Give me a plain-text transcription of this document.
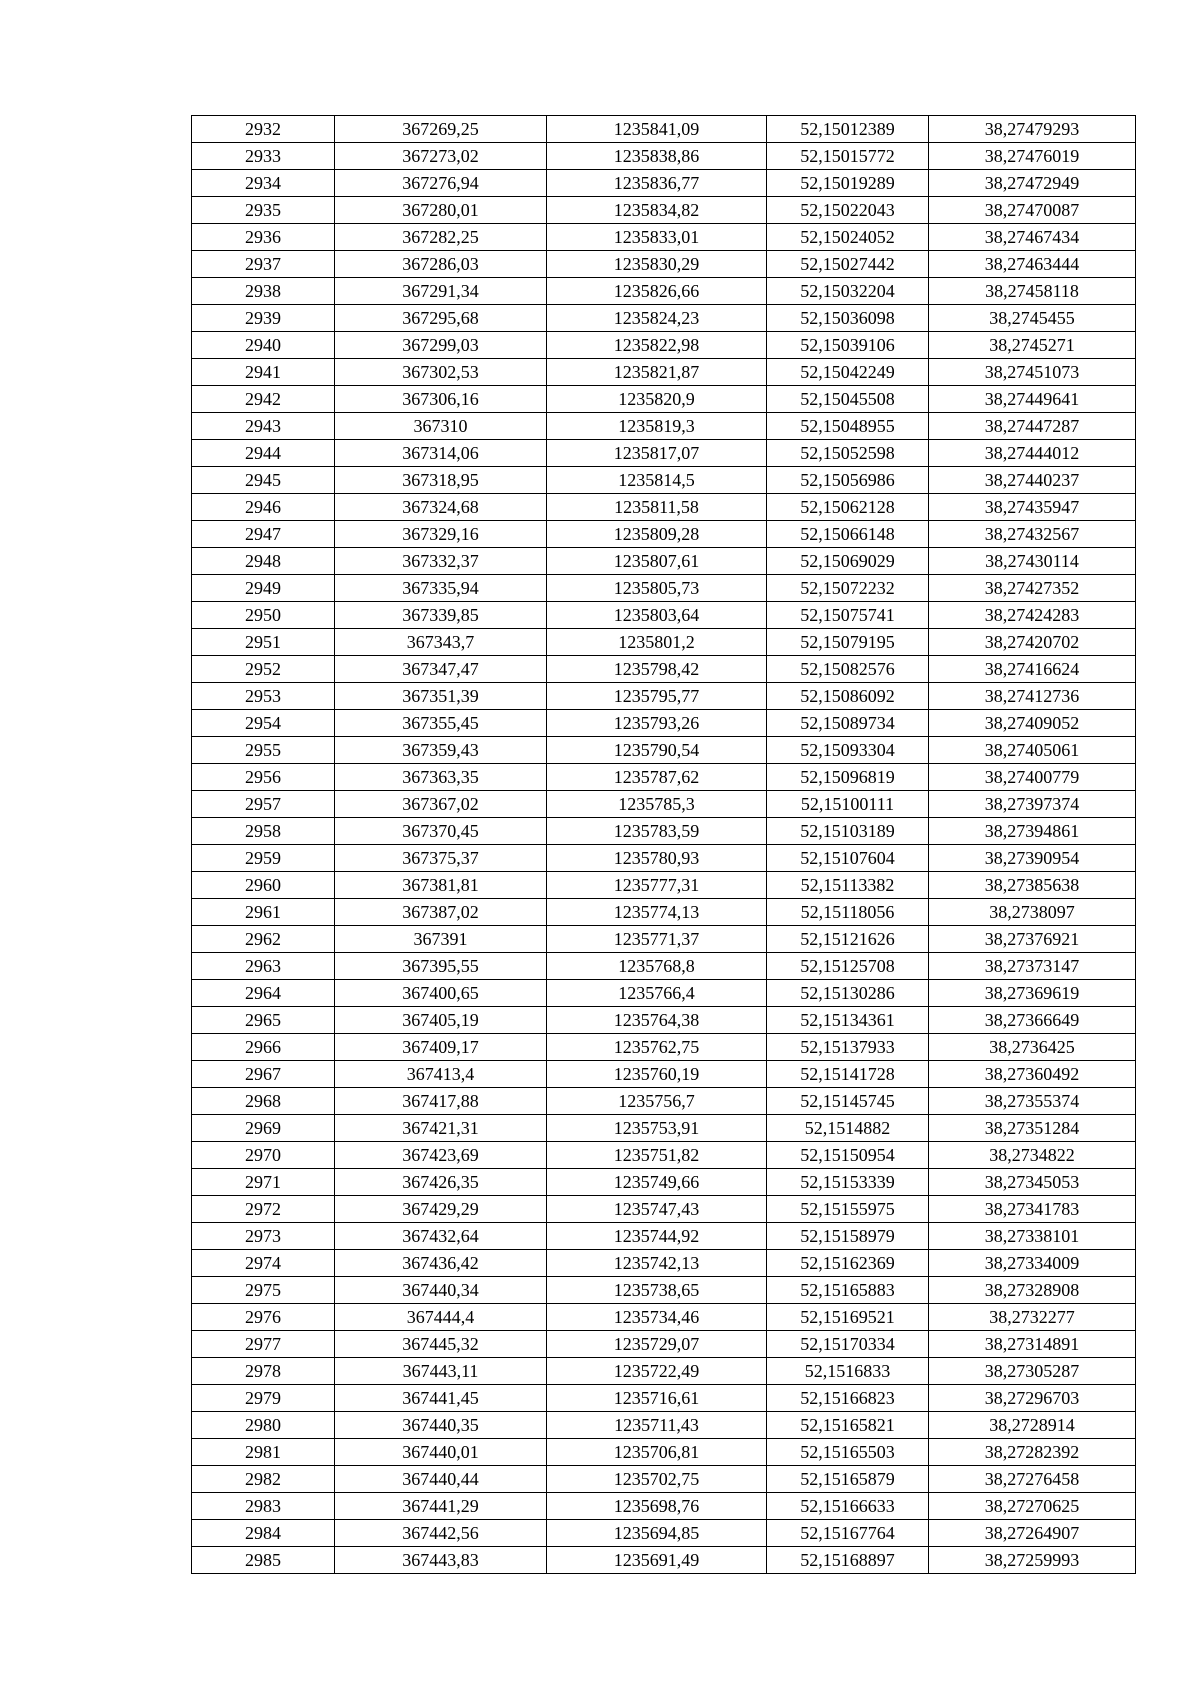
2932	367269,25	1235841,09	52,15012389	38,27479293
2933	367273,02	1235838,86	52,15015772	38,27476019
2934	367276,94	1235836,77	52,15019289	38,27472949
2935	367280,01	1235834,82	52,15022043	38,27470087
2936	367282,25	1235833,01	52,15024052	38,27467434
2937	367286,03	1235830,29	52,15027442	38,27463444
2938	367291,34	1235826,66	52,15032204	38,27458118
2939	367295,68	1235824,23	52,15036098	38,2745455
2940	367299,03	1235822,98	52,15039106	38,2745271
2941	367302,53	1235821,87	52,15042249	38,27451073
2942	367306,16	1235820,9	52,15045508	38,27449641
2943	367310	1235819,3	52,15048955	38,27447287
2944	367314,06	1235817,07	52,15052598	38,27444012
2945	367318,95	1235814,5	52,15056986	38,27440237
2946	367324,68	1235811,58	52,15062128	38,27435947
2947	367329,16	1235809,28	52,15066148	38,27432567
2948	367332,37	1235807,61	52,15069029	38,27430114
2949	367335,94	1235805,73	52,15072232	38,27427352
2950	367339,85	1235803,64	52,15075741	38,27424283
2951	367343,7	1235801,2	52,15079195	38,27420702
2952	367347,47	1235798,42	52,15082576	38,27416624
2953	367351,39	1235795,77	52,15086092	38,27412736
2954	367355,45	1235793,26	52,15089734	38,27409052
2955	367359,43	1235790,54	52,15093304	38,27405061
2956	367363,35	1235787,62	52,15096819	38,27400779
2957	367367,02	1235785,3	52,15100111	38,27397374
2958	367370,45	1235783,59	52,15103189	38,27394861
2959	367375,37	1235780,93	52,15107604	38,27390954
2960	367381,81	1235777,31	52,15113382	38,27385638
2961	367387,02	1235774,13	52,15118056	38,2738097
2962	367391	1235771,37	52,15121626	38,27376921
2963	367395,55	1235768,8	52,15125708	38,27373147
2964	367400,65	1235766,4	52,15130286	38,27369619
2965	367405,19	1235764,38	52,15134361	38,27366649
2966	367409,17	1235762,75	52,15137933	38,2736425
2967	367413,4	1235760,19	52,15141728	38,27360492
2968	367417,88	1235756,7	52,15145745	38,27355374
2969	367421,31	1235753,91	52,1514882	38,27351284
2970	367423,69	1235751,82	52,15150954	38,2734822
2971	367426,35	1235749,66	52,15153339	38,27345053
2972	367429,29	1235747,43	52,15155975	38,27341783
2973	367432,64	1235744,92	52,15158979	38,27338101
2974	367436,42	1235742,13	52,15162369	38,27334009
2975	367440,34	1235738,65	52,15165883	38,27328908
2976	367444,4	1235734,46	52,15169521	38,2732277
2977	367445,32	1235729,07	52,15170334	38,27314891
2978	367443,11	1235722,49	52,1516833	38,27305287
2979	367441,45	1235716,61	52,15166823	38,27296703
2980	367440,35	1235711,43	52,15165821	38,2728914
2981	367440,01	1235706,81	52,15165503	38,27282392
2982	367440,44	1235702,75	52,15165879	38,27276458
2983	367441,29	1235698,76	52,15166633	38,27270625
2984	367442,56	1235694,85	52,15167764	38,27264907
2985	367443,83	1235691,49	52,15168897	38,27259993
